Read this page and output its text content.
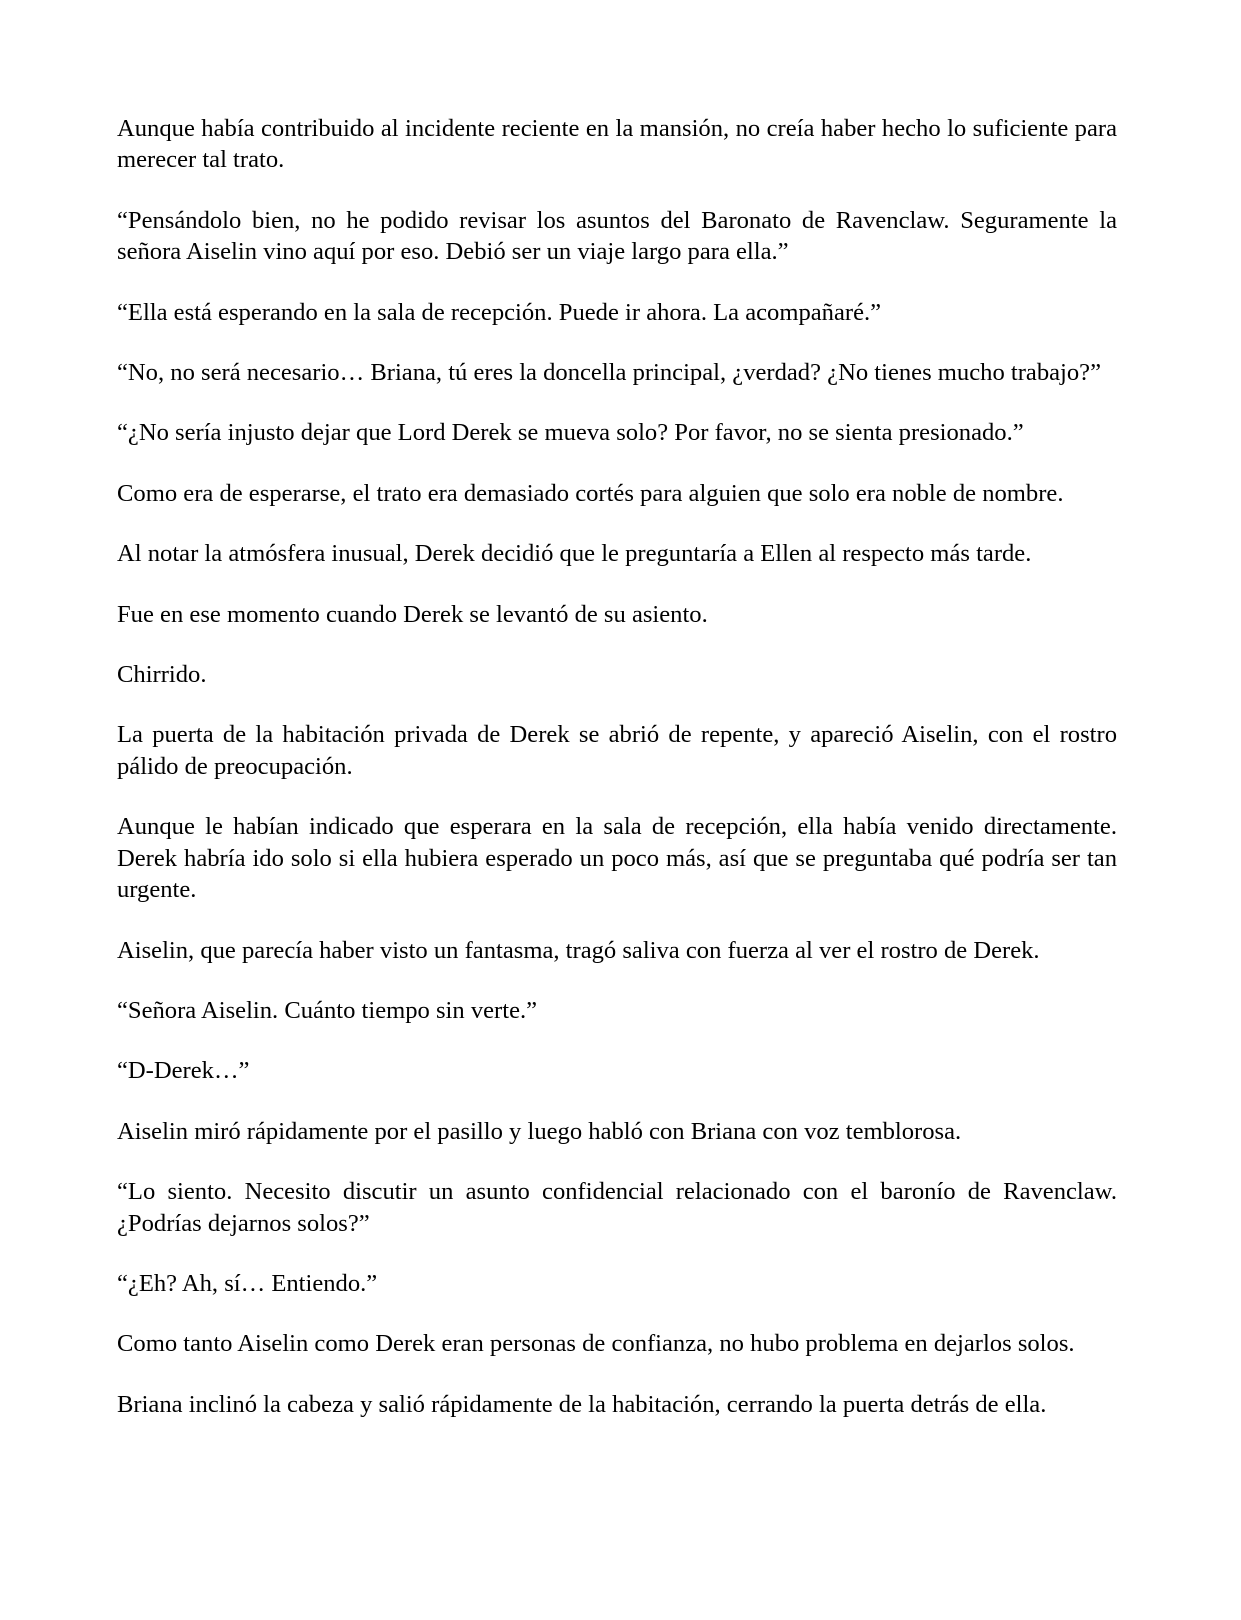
Aunque había contribuido al incidente reciente en la mansión, no creía haber hecho lo suficiente para merecer tal trato.

“Pensándolo bien, no he podido revisar los asuntos del Baronato de Ravenclaw. Seguramente la señora Aiselin vino aquí por eso. Debió ser un viaje largo para ella.”

“Ella está esperando en la sala de recepción. Puede ir ahora. La acompañaré.”

“No, no será necesario… Briana, tú eres la doncella principal, ¿verdad? ¿No tienes mucho trabajo?”

“¿No sería injusto dejar que Lord Derek se mueva solo? Por favor, no se sienta presionado.”

Como era de esperarse, el trato era demasiado cortés para alguien que solo era noble de nombre.

Al notar la atmósfera inusual, Derek decidió que le preguntaría a Ellen al respecto más tarde.

Fue en ese momento cuando Derek se levantó de su asiento.

Chirrido.

La puerta de la habitación privada de Derek se abrió de repente, y apareció Aiselin, con el rostro pálido de preocupación.

Aunque le habían indicado que esperara en la sala de recepción, ella había venido directamente. Derek habría ido solo si ella hubiera esperado un poco más, así que se preguntaba qué podría ser tan urgente.

Aiselin, que parecía haber visto un fantasma, tragó saliva con fuerza al ver el rostro de Derek.

“Señora Aiselin. Cuánto tiempo sin verte.”

“D-Derek…”

Aiselin miró rápidamente por el pasillo y luego habló con Briana con voz temblorosa.

“Lo siento. Necesito discutir un asunto confidencial relacionado con el baronío de Ravenclaw. ¿Podrías dejarnos solos?”

“¿Eh? Ah, sí… Entiendo.”

Como tanto Aiselin como Derek eran personas de confianza, no hubo problema en dejarlos solos.

Briana inclinó la cabeza y salió rápidamente de la habitación, cerrando la puerta detrás de ella.
